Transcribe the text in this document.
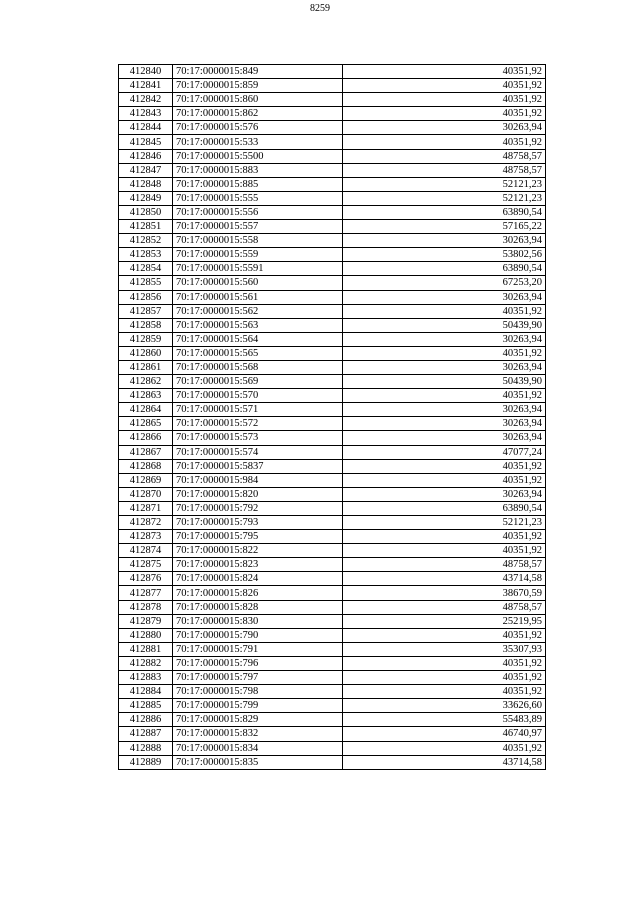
8259
412840	70:17:0000015:849	40351,92
412841	70:17:0000015:859	40351,92
412842	70:17:0000015:860	40351,92
412843	70:17:0000015:862	40351,92
412844	70:17:0000015:576	30263,94
412845	70:17:0000015:533	40351,92
412846	70:17:0000015:5500	48758,57
412847	70:17:0000015:883	48758,57
412848	70:17:0000015:885	52121,23
412849	70:17:0000015:555	52121,23
412850	70:17:0000015:556	63890,54
412851	70:17:0000015:557	57165,22
412852	70:17:0000015:558	30263,94
412853	70:17:0000015:559	53802,56
412854	70:17:0000015:5591	63890,54
412855	70:17:0000015:560	67253,20
412856	70:17:0000015:561	30263,94
412857	70:17:0000015:562	40351,92
412858	70:17:0000015:563	50439,90
412859	70:17:0000015:564	30263,94
412860	70:17:0000015:565	40351,92
412861	70:17:0000015:568	30263,94
412862	70:17:0000015:569	50439,90
412863	70:17:0000015:570	40351,92
412864	70:17:0000015:571	30263,94
412865	70:17:0000015:572	30263,94
412866	70:17:0000015:573	30263,94
412867	70:17:0000015:574	47077,24
412868	70:17:0000015:5837	40351,92
412869	70:17:0000015:984	40351,92
412870	70:17:0000015:820	30263,94
412871	70:17:0000015:792	63890,54
412872	70:17:0000015:793	52121,23
412873	70:17:0000015:795	40351,92
412874	70:17:0000015:822	40351,92
412875	70:17:0000015:823	48758,57
412876	70:17:0000015:824	43714,58
412877	70:17:0000015:826	38670,59
412878	70:17:0000015:828	48758,57
412879	70:17:0000015:830	25219,95
412880	70:17:0000015:790	40351,92
412881	70:17:0000015:791	35307,93
412882	70:17:0000015:796	40351,92
412883	70:17:0000015:797	40351,92
412884	70:17:0000015:798	40351,92
412885	70:17:0000015:799	33626,60
412886	70:17:0000015:829	55483,89
412887	70:17:0000015:832	46740,97
412888	70:17:0000015:834	40351,92
412889	70:17:0000015:835	43714,58
